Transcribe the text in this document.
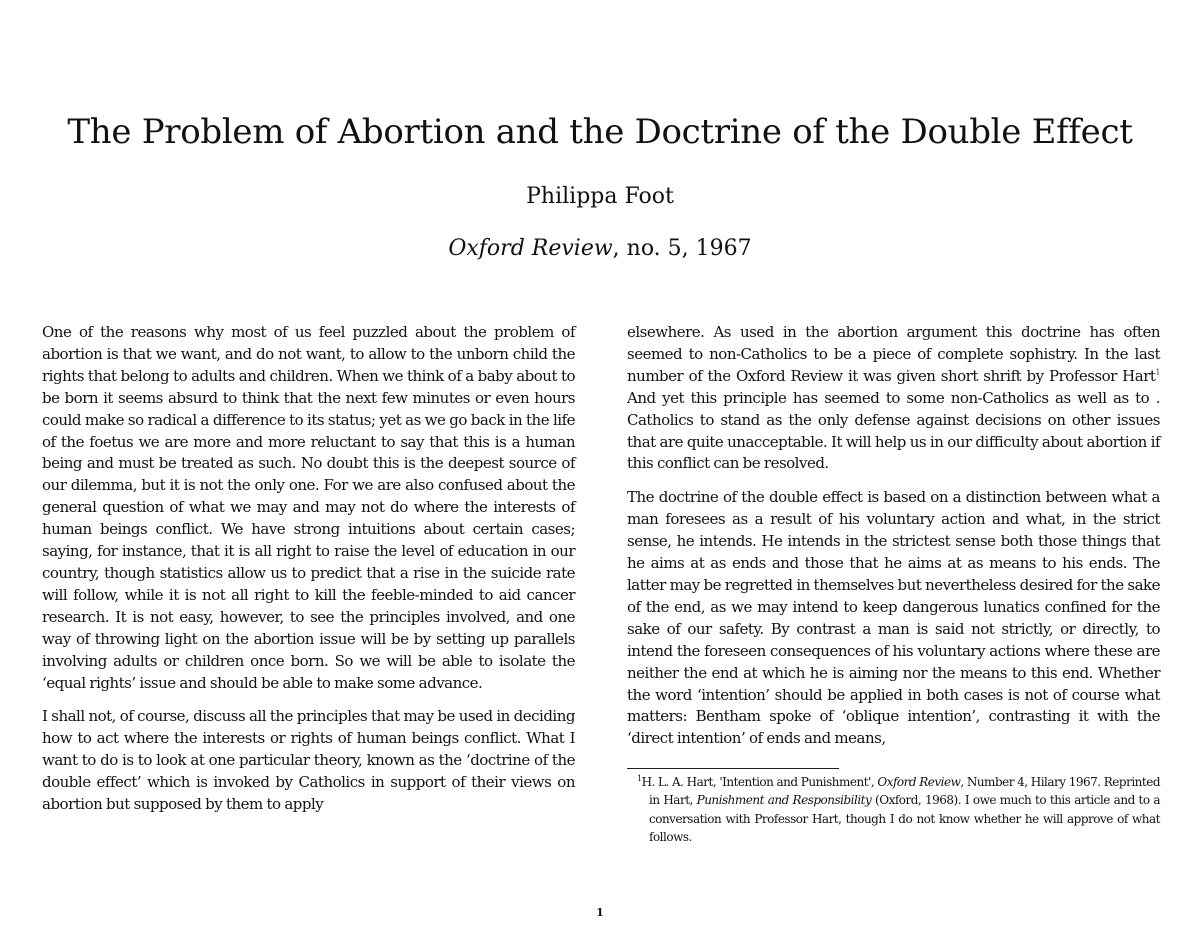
The Problem of Abortion and the Doctrine of the Double Effect
Philippa Foot
Oxford Review, no. 5, 1967

One of the reasons why most of us feel puzzled about the problem of abortion is that we want, and do not want, to allow to the unborn child the rights that belong to adults and children. When we think of a baby about to be born it seems absurd to think that the next few minutes or even hours could make so radical a difference to its status; yet as we go back in the life of the foetus we are more and more reluctant to say that this is a human being and must be treated as such. No doubt this is the deepest source of our dilemma, but it is not the only one. For we are also confused about the general question of what we may and may not do where the interests of human beings conflict. We have strong intuitions about certain cases; saying, for instance, that it is all right to raise the level of education in our country, though statistics allow us to predict that a rise in the suicide rate will follow, while it is not all right to kill the feeble-minded to aid cancer research. It is not easy, however, to see the principles involved, and one way of throwing light on the abortion issue will be by setting up parallels involving adults or children once born. So we will be able to isolate the ‘equal rights’ issue and should be able to make some advance.

I shall not, of course, discuss all the principles that may be used in deciding how to act where the interests or rights of human beings conflict. What I want to do is to look at one particular theory, known as the ‘doctrine of the double effect’ which is invoked by Catholics in support of their views on abortion but supposed by them to apply

elsewhere. As used in the abortion argument this doctrine has often seemed to non-Catholics to be a piece of complete sophistry. In the last number of the Oxford Review it was given short shrift by Professor Hart$^1$ And yet this principle has seemed to some non-Catholics as well as to . Catholics to stand as the only defense against decisions on other issues that are quite unacceptable. It will help us in our difficulty about abortion if this conflict can be resolved.

The doctrine of the double effect is based on a distinction between what a man foresees as a result of his voluntary action and what, in the strict sense, he intends. He intends in the strictest sense both those things that he aims at as ends and those that he aims at as means to his ends. The latter may be regretted in themselves but nevertheless desired for the sake of the end, as we may intend to keep dangerous lunatics confined for the sake of our safety. By contrast a man is said not strictly, or directly, to intend the foreseen consequences of his voluntary actions where these are neither the end at which he is aiming nor the means to this end. Whether the word ‘intention’ should be applied in both cases is not of course what matters: Bentham spoke of ‘oblique intention’, contrasting it with the ‘direct intention’ of ends and means,

$^1$H. L. A. Hart, 'Intention and Punishment', Oxford Review, Number 4, Hilary 1967. Reprinted in Hart, Punishment and Responsibility (Oxford, 1968). I owe much to this article and to a conversation with Professor Hart, though I do not know whether he will approve of what follows.
1
